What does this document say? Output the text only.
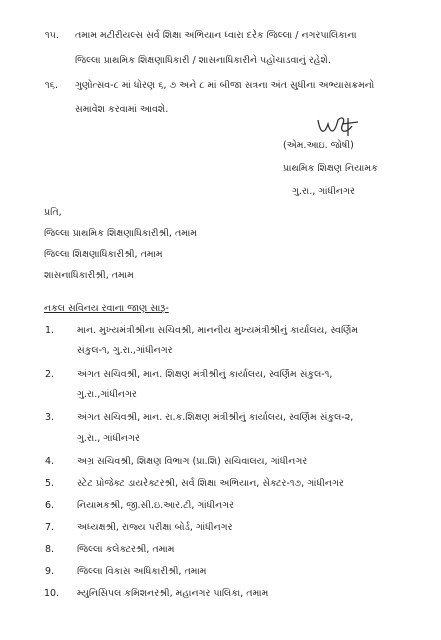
૧૫. તમામ મટીરીયલ્સ સર્વ શિક્ષા અભિયાન ધ્વારા દરેક જિલ્લા / નગરપાલિકાના
જિલ્લા પ્રાથમિક શિક્ષણાધિકારી / શાસનાધિકારીને પહોંચાડવાનું રહેશે.
૧૬. ગુણોત્સવ-૮ માં ધોરણ ૬, ૭ અને ૮ માં બીજા સત્રના અંત સુધીના અભ્યાસક્રમનો
સમાવેશ કરવામાં આવશે.
(એમ.આઇ. જોષી)
પ્રાથમિક શિક્ષણ નિયામક
ગુ.રા., ગાંધીનગર
પ્રતિ,
જિલ્લા પ્રાથમિક શિક્ષણાધિકારીશ્રી, તમામ
જિલ્લા શિક્ષણાધિકારીશ્રી, તમામ
શાસનાધિકારીશ્રી, તમામ
નકલ સવિનય રવાના જાણ સારૂ-
1. માન. મુખ્યમંત્રીશ્રીના સચિવશ્રી, માનનીય મુખ્યમંત્રીશ્રીનું કાર્યાલય, સ્વર્ણિમ
સંકુલ-૧, ગુ.રા.,ગાંધીનગર
2. અંગત સચિવશ્રી, માન. શિક્ષણ મંત્રીશ્રીનું કાર્યાલય, સ્વર્ણિમ સંકુલ-૧,
ગુ.રા.,ગાંધીનગર
3. અંગત સચિવશ્રી, માન. રા.ક.શિક્ષણ મંત્રીશ્રીનું કાર્યાલય, સ્વર્ણિમ સંકુલ-૨,
ગુ.રા., ગાંધીનગર
4. અગ્ર સચિવશ્રી, શિક્ષણ વિભાગ (પ્રા.શિ) સચિવાલય, ગાંધીનગર
5. સ્ટેટ પ્રોજેક્ટ ડાયરેક્ટરશ્રી, સર્વ શિક્ષા અભિયાન, સેક્ટર-૧૭, ગાંધીનગર
6. નિયામકશ્રી, જી.સી.ઇ.આર.ટી, ગાંધીનગર
7. અધ્યક્ષશ્રી, રાજ્ય પરીક્ષા બોર્ડ, ગાંધીનગર
8. જિલ્લા કલેક્ટરશ્રી, તમામ
9. જિલ્લા વિકાસ અધિકારીશ્રી, તમામ
10. મ્યુનિસિપલ કમિશનરશ્રી, મહાનગર પાલિકા, તમામ
